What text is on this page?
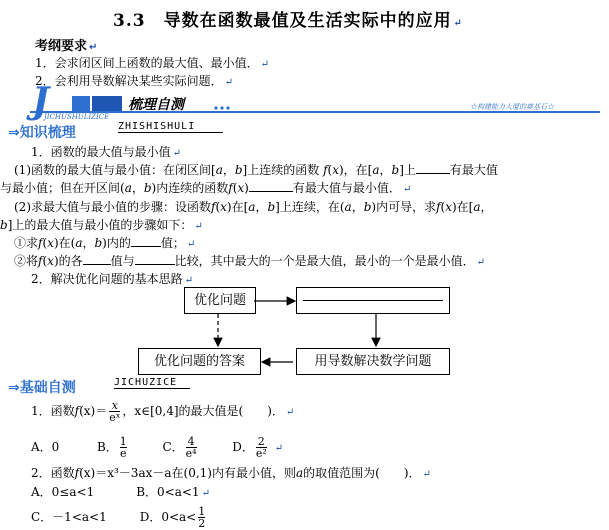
3.3 导数在函数最值及生活实际中的应用 ↵
考纲要求 ↵
1．会求闭区间上函数的最大值、最小值． ↵
2．会利用导数解决某些实际问题． ↵
J	梳理自测
JICHUSHULIZICE
☆构建能力大厦的奠基石☆
⇒知识梳理	ZHISHISHULI
1．函数的最大值与最小值 ↵
(1)函数的最大值与最小值：在闭区间[a，b]上连续的函数 f(x)，在[a，b]上	有最大值
与最小值；但在开区间(a，b)内连续的函数f(x)	有最大值与最小值． ↵
(2)求最大值与最小值的步骤：设函数f(x)在[a，b]上连续，在(a，b)内可导，求f(x)在[a，
b]上的最大值与最小值的步骤如下： ↵
①求f(x)在(a，b)内的	值； ↵
②将f(x)的各 值与	比较，其中最大的一个是最大值，最小的一个是最小值． ↵
2．解决优化问题的基本思路 ↵
优化问题
优化问题的答案	用导数解决数学问题
⇒基础自测	JICHUZICE
1．函数$f(x)= \frac{x}{\text{eˣ}}$ ，x∈[0,4]的最大值是( )． ↵
A．0	B． $\frac{1}{e}$	C． $\frac{4}{\text{e⁴}}$	D． $\frac{2}{\text{e²}}$ ↵
2．函数f(x)＝x³－3ax－a在(0,1)内有最小值，则a的取值范围为( )． ↵
A．0≤a<1	B．0<a<1 ↵
C．－1<a<1	D．$0<a< \frac{1}{2}$
